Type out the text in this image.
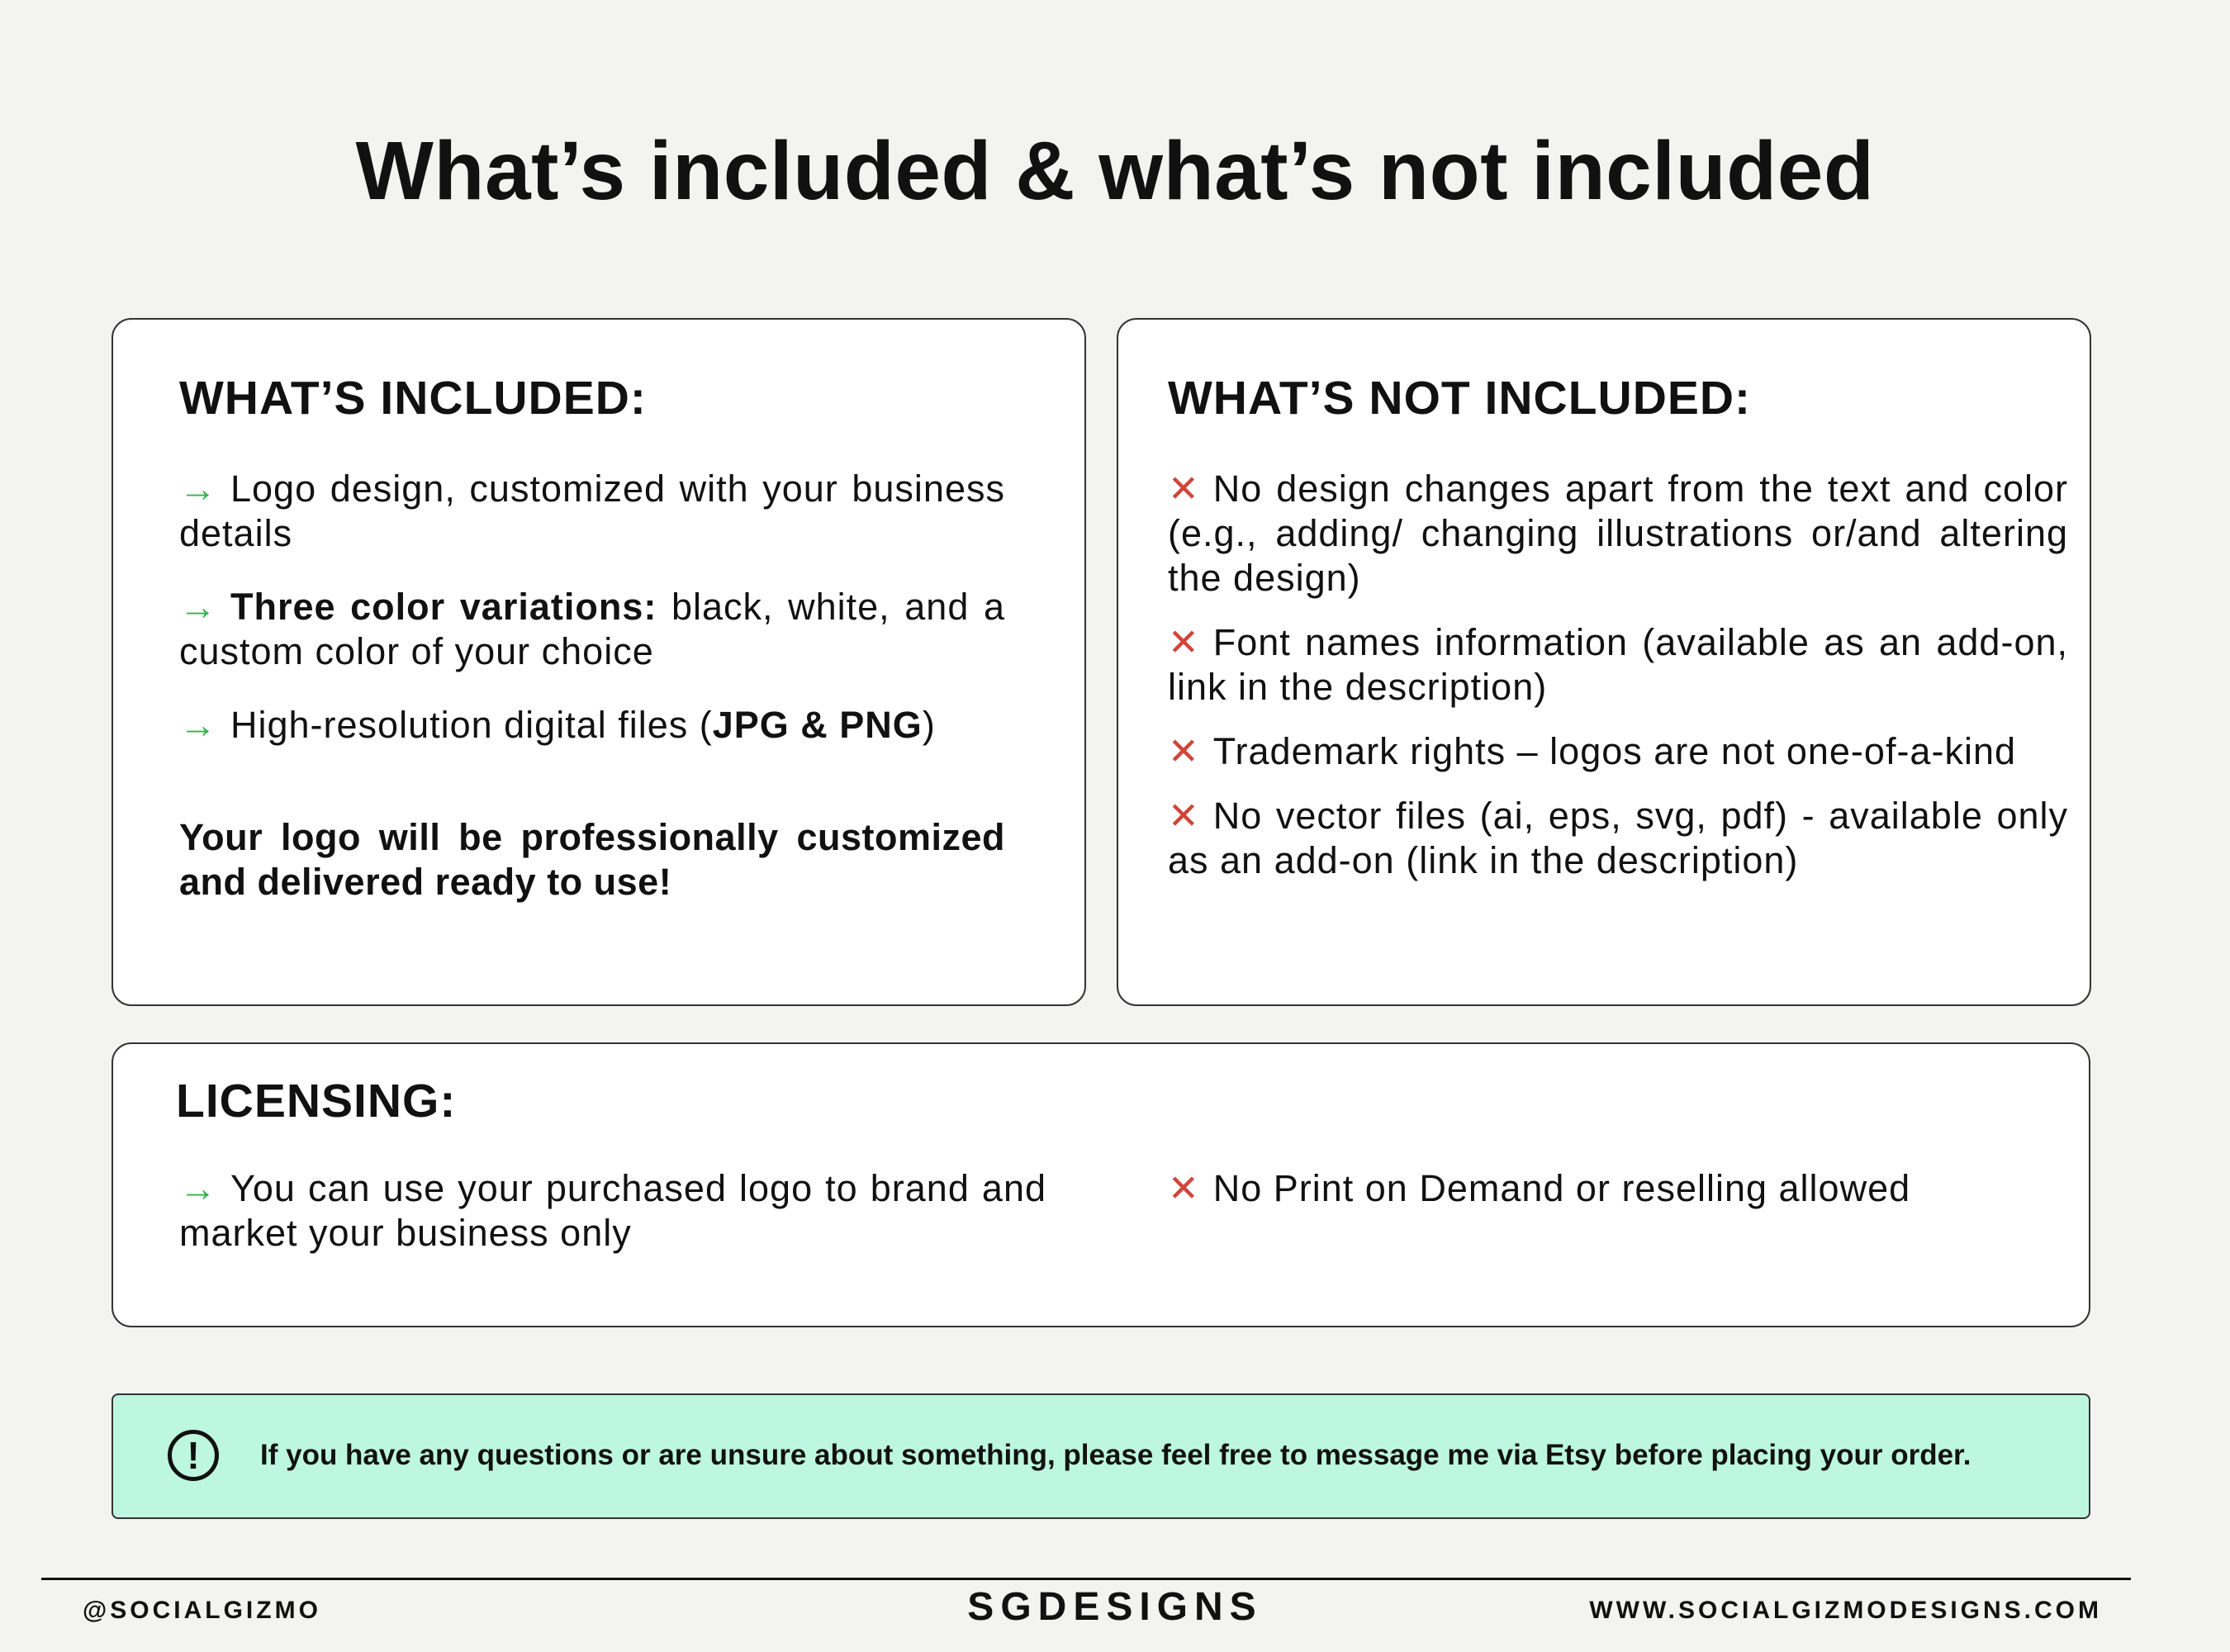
What’s included & what’s not included
WHAT’S INCLUDED:
→ Logo design, customized with your business details
→ Three color variations: black, white, and a custom color of your choice
→ High-resolution digital files (JPG & PNG)

Your logo will be professionally customized and delivered ready to use!

WHAT’S NOT INCLUDED:
✕ No design changes apart from the text and color (e.g., adding/ changing illustrations or/and altering the design)
✕ Font names information (available as an add-on, link in the description)
✕ Trademark rights – logos are not one-of-a-kind
✕ No vector files (ai, eps, svg, pdf) - available only as an add-on (link in the description)
LICENSING:
→ You can use your purchased logo to brand and market your business only
✕ No Print on Demand or reselling allowed
!	If you have any questions or are unsure about something, please feel free to message me via Etsy before placing your order.

@SOCIALGIZMO	SGDESIGNS	WWW.SOCIALGIZMODESIGNS.COM
